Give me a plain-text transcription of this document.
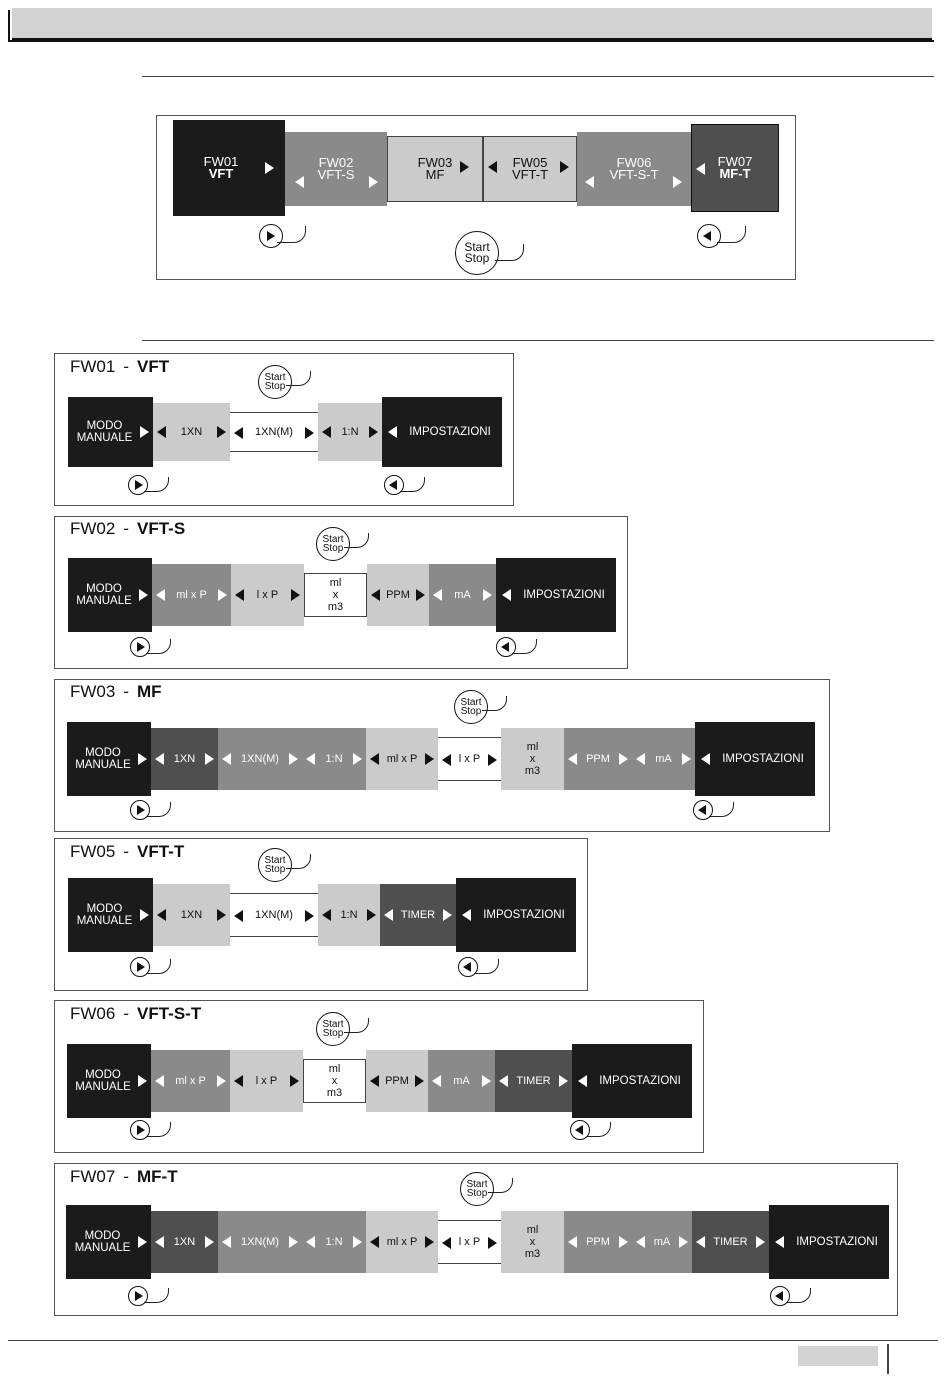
FW01
VFT
FW02
VFT-S
FW03
MF
FW05
VFT-T
FW06
VFT-S-T
FW07
MF-T
Start
Stop
FW01 - VFT
Start
Stop
MODO
MANUALE	1XN	1XN(M)	1:N	IMPOSTAZIONI
FW02 - VFT-S
Start
Stop
MODO
MANUALE	ml x P	l x P
ml
x
m3
PPM	mA	IMPOSTAZIONI
FW03 - MF
Start
Stop
MODO
MANUALE	1XN	1XN(M)	1:N	ml x P	l x P
ml
x
m3
PPM	mA	IMPOSTAZIONI
FW05 - VFT-T	Start
Stop
MODO
MANUALE	1XN	1XN(M)	1:N	TIMER	IMPOSTAZIONI
FW06 - VFT-S-T
Start
Stop
MODO
MANUALE	ml x P	l x P
ml
x
m3
PPM	mA	TIMER	IMPOSTAZIONI
FW07 - MF-T	Start
Stop
MODO
MANUALE	1XN	1XN(M)	1:N	ml x P	l x P
ml
x
m3
PPM	mA	TIMER	IMPOSTAZIONI
